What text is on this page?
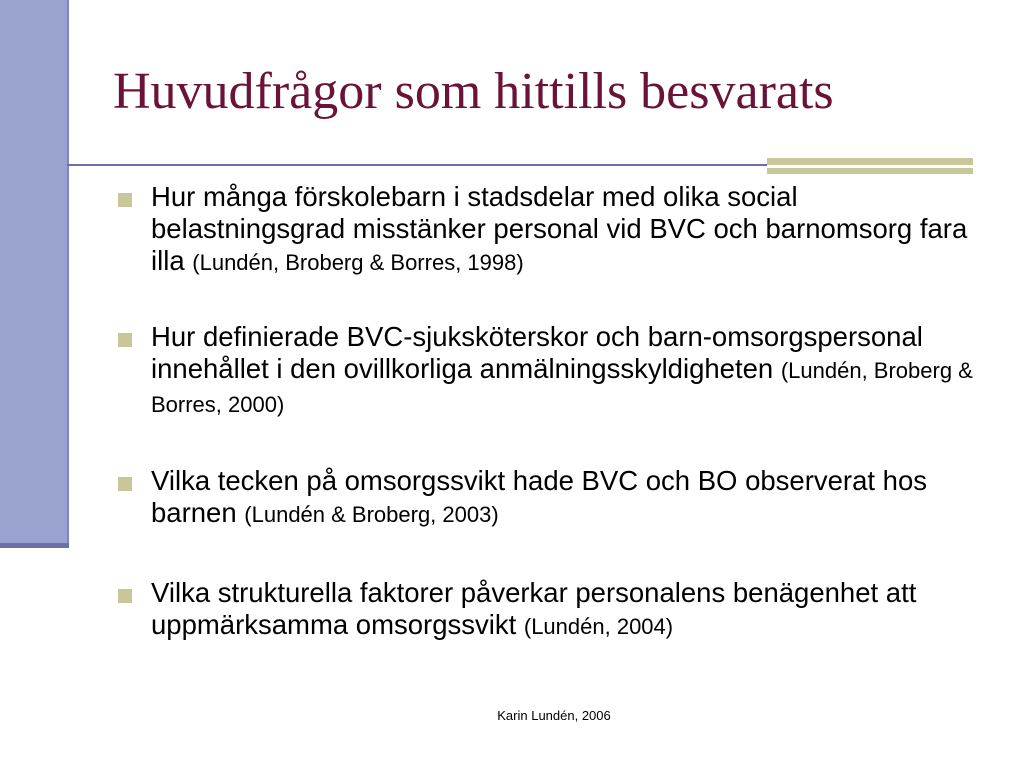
Huvudfrågor som hittills besvarats
Hur många förskolebarn i stadsdelar med olika social belastningsgrad misstänker personal vid BVC och barnomsorg fara illa (Lundén, Broberg & Borres, 1998)
Hur definierade BVC-sjuksköterskor och barn-omsorgspersonal innehållet i den ovillkorliga anmälningsskyldigheten (Lundén, Broberg & Borres, 2000)
Vilka tecken på omsorgssvikt hade BVC och BO observerat hos barnen (Lundén & Broberg, 2003)
Vilka strukturella faktorer påverkar personalens benägenhet att uppmärksamma omsorgssvikt (Lundén, 2004)
Karin Lundén, 2006
